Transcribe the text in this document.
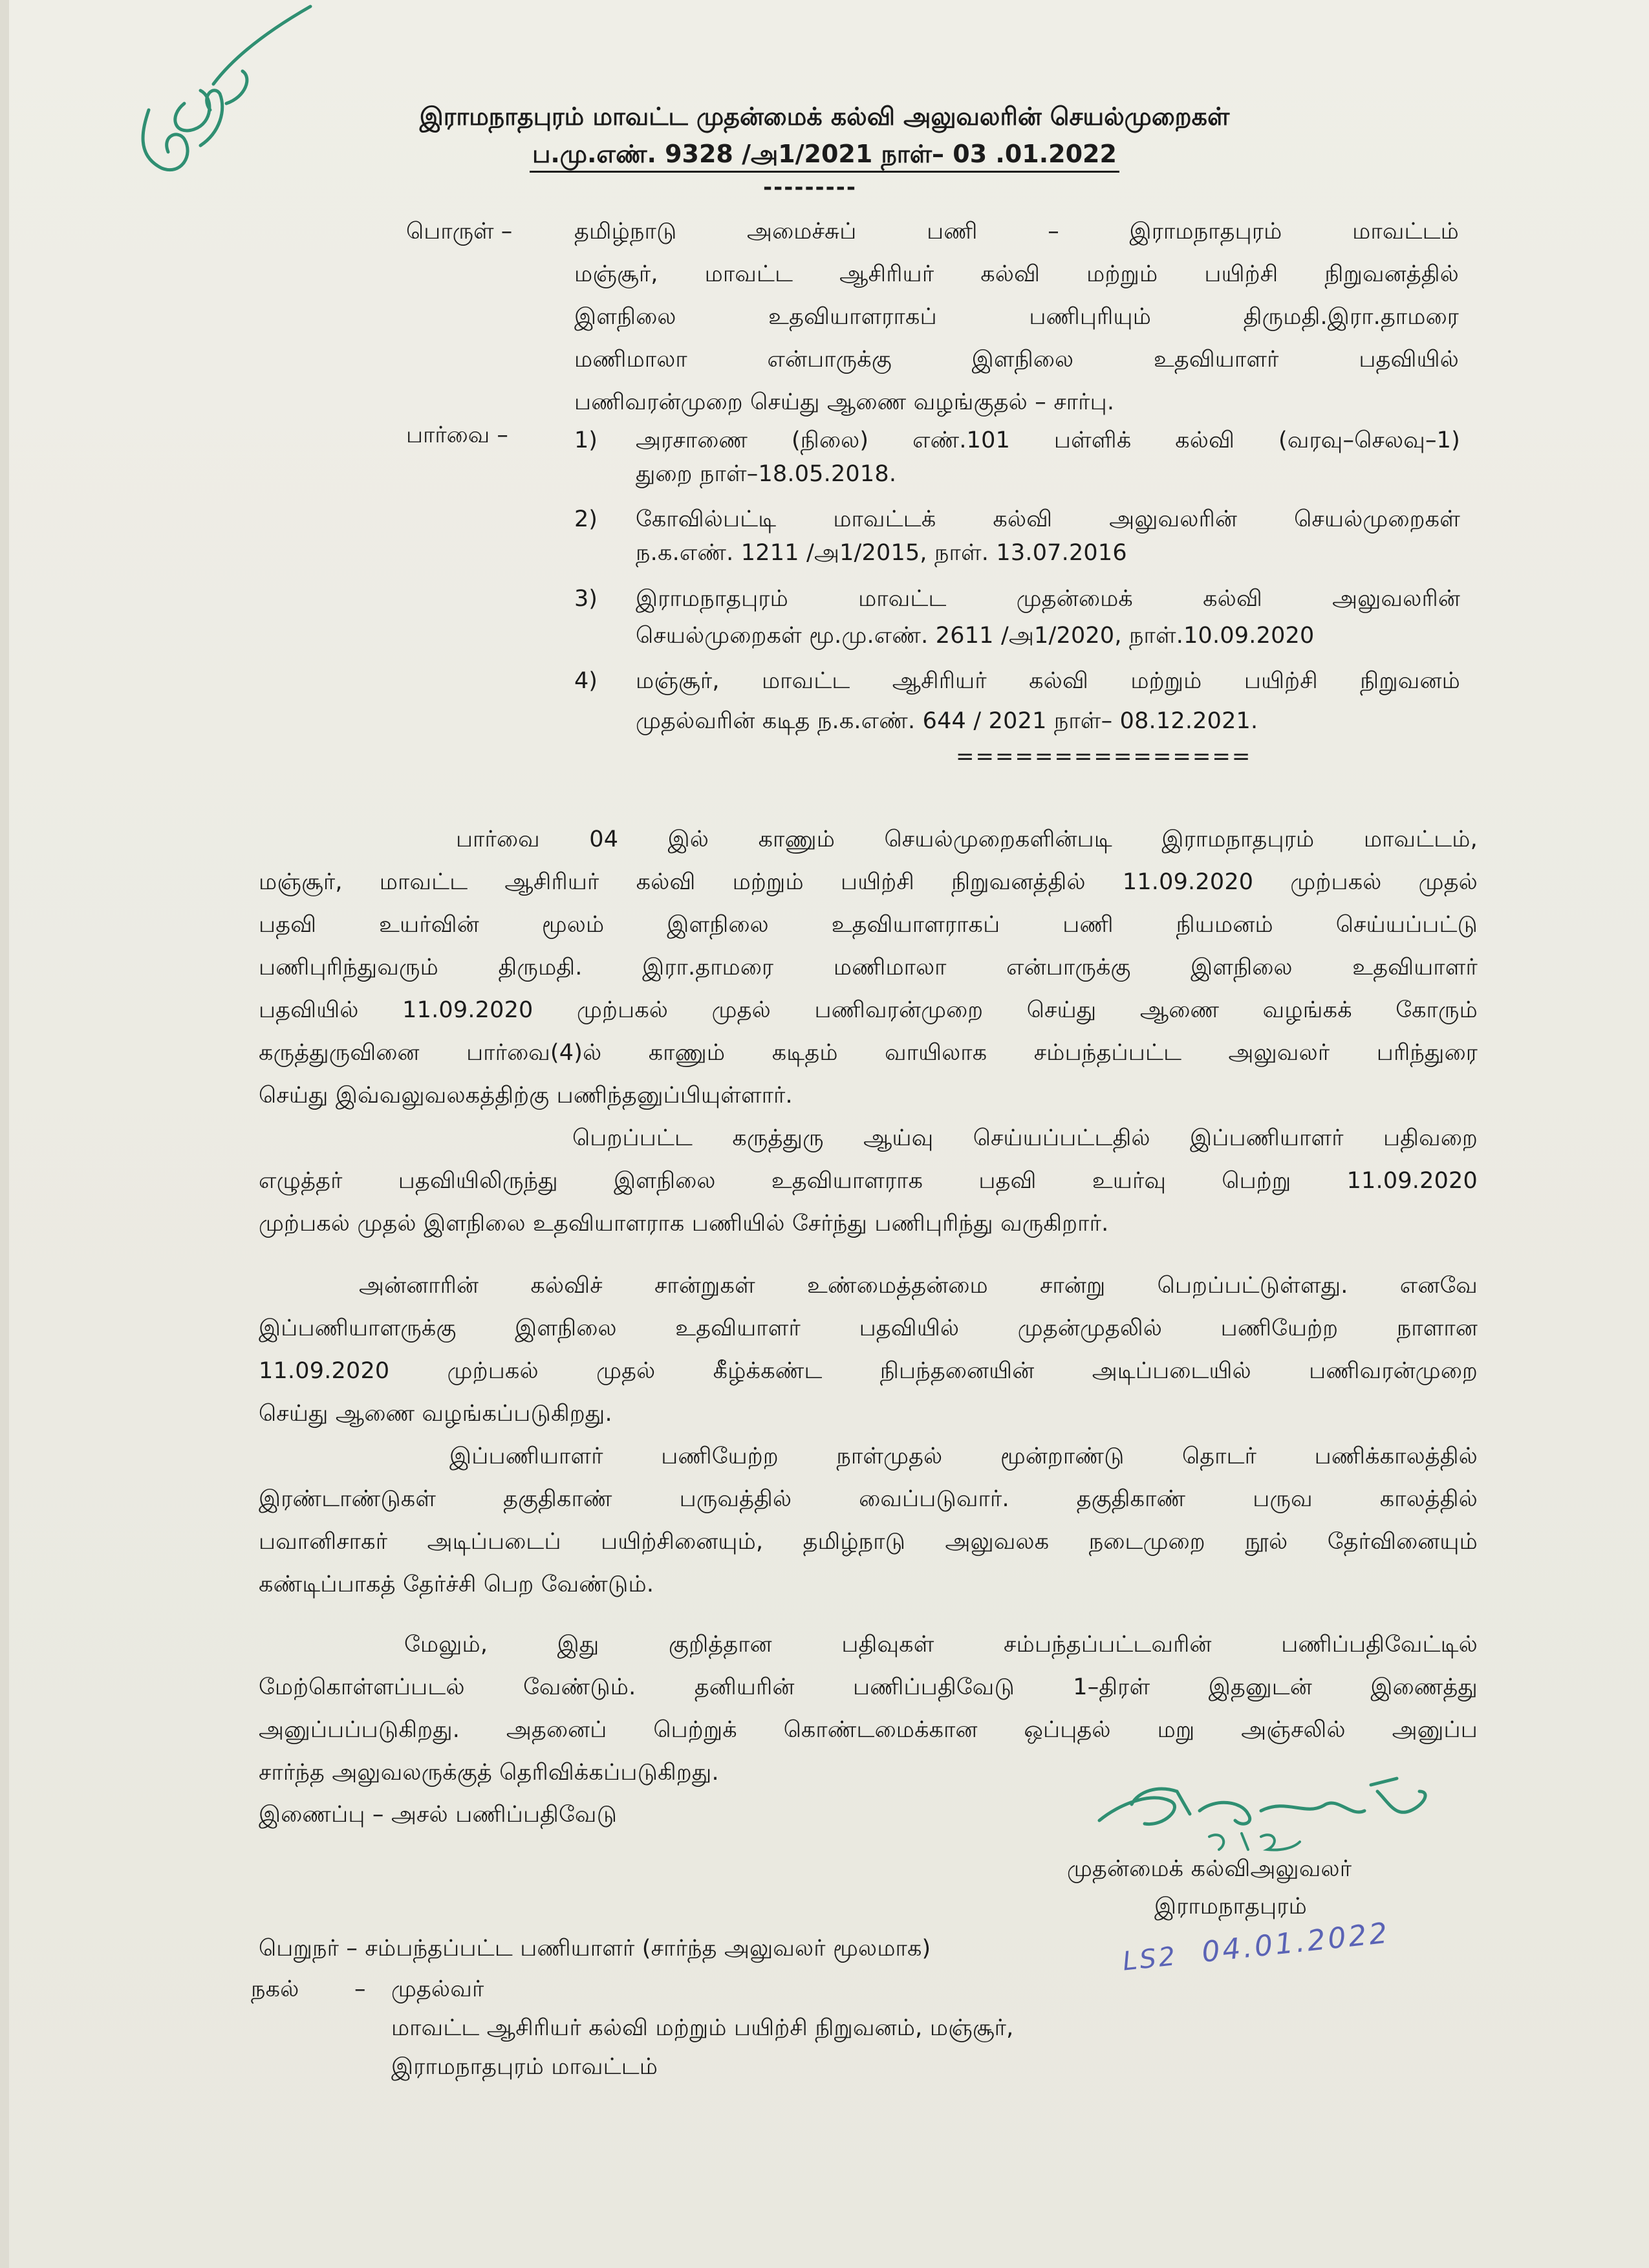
இராமநாதபுரம் மாவட்ட முதன்மைக் கல்வி அலுவலரின் செயல்முறைகள்
ப.மு.எண். 9328 /அ1/2021 நாள்– 03 .01.2022
---------
பொருள் –	தமிழ்நாடு அமைச்சுப் பணி – இராமநாதபுரம் மாவட்டம்
மஞ்சூர், மாவட்ட ஆசிரியர் கல்வி மற்றும் பயிற்சி நிறுவனத்தில்
இளநிலை உதவியாளராகப் பணிபுரியும் திருமதி.இரா.தாமரை
மணிமாலா என்பாருக்கு இளநிலை உதவியாளர் பதவியில்
பணிவரன்முறை செய்து ஆணை வழங்குதல் – சார்பு.
பார்வை –	1) அரசாணை (நிலை) எண்.101 பள்ளிக் கல்வி (வரவு–செலவு–1)
துறை நாள்–18.05.2018.
2) கோவில்பட்டி மாவட்டக் கல்வி அலுவலரின் செயல்முறைகள்
ந.க.எண். 1211 /அ1/2015, நாள். 13.07.2016
3) இராமநாதபுரம் மாவட்ட முதன்மைக் கல்வி அலுவலரின்
செயல்முறைகள் மூ.மு.எண். 2611 /அ1/2020, நாள்.10.09.2020
4) மஞ்சூர், மாவட்ட ஆசிரியர் கல்வி மற்றும் பயிற்சி நிறுவனம்
முதல்வரின் கடித ந.க.எண். 644 / 2021 நாள்– 08.12.2021.
===============
பார்வை 04 இல் காணும் செயல்முறைகளின்படி இராமநாதபுரம் மாவட்டம்,
மஞ்சூர், மாவட்ட ஆசிரியர் கல்வி மற்றும் பயிற்சி நிறுவனத்தில் 11.09.2020 முற்பகல் முதல்
பதவி உயர்வின் மூலம் இளநிலை உதவியாளராகப் பணி நியமனம் செய்யப்பட்டு
பணிபுரிந்துவரும் திருமதி. இரா.தாமரை மணிமாலா என்பாருக்கு இளநிலை உதவியாளர்
பதவியில் 11.09.2020 முற்பகல் முதல் பணிவரன்முறை செய்து ஆணை வழங்கக் கோரும்
கருத்துருவினை பார்வை(4)ல் காணும் கடிதம் வாயிலாக சம்பந்தப்பட்ட அலுவலர் பரிந்துரை
செய்து இவ்வலுவலகத்திற்கு பணிந்தனுப்பியுள்ளார்.
பெறப்பட்ட கருத்துரு ஆய்வு செய்யப்பட்டதில் இப்பணியாளர் பதிவறை
எழுத்தர் பதவியிலிருந்து இளநிலை உதவியாளராக பதவி உயர்வு பெற்று 11.09.2020
முற்பகல் முதல் இளநிலை உதவியாளராக பணியில் சேர்ந்து பணிபுரிந்து வருகிறார்.
அன்னாரின் கல்விச் சான்றுகள் உண்மைத்தன்மை சான்று பெறப்பட்டுள்ளது. எனவே
இப்பணியாளருக்கு இளநிலை உதவியாளர் பதவியில் முதன்முதலில் பணியேற்ற நாளான
11.09.2020 முற்பகல் முதல் கீழ்க்கண்ட நிபந்தனையின் அடிப்படையில் பணிவரன்முறை
செய்து ஆணை வழங்கப்படுகிறது.
இப்பணியாளர் பணியேற்ற நாள்முதல் மூன்றாண்டு தொடர் பணிக்காலத்தில்
இரண்டாண்டுகள் தகுதிகாண் பருவத்தில் வைப்படுவார். தகுதிகாண் பருவ காலத்தில்
பவானிசாகர் அடிப்படைப் பயிற்சினையும், தமிழ்நாடு அலுவலக நடைமுறை நூல் தேர்வினையும்
கண்டிப்பாகத் தேர்ச்சி பெற வேண்டும்.
மேலும், இது குறித்தான பதிவுகள் சம்பந்தப்பட்டவரின் பணிப்பதிவேட்டில்
மேற்கொள்ளப்படல் வேண்டும். தனியரின் பணிப்பதிவேடு 1–திரள் இதனுடன் இணைத்து
அனுப்பப்படுகிறது. அதனைப் பெற்றுக் கொண்டமைக்கான ஒப்புதல் மறு அஞ்சலில் அனுப்ப
சார்ந்த அலுவலருக்குத் தெரிவிக்கப்படுகிறது.
இணைப்பு – அசல் பணிப்பதிவேடு
முதன்மைக் கல்விஅலுவலர்
இராமநாதபுரம்
பெறுநர் – சம்பந்தப்பட்ட பணியாளர் (சார்ந்த அலுவலர் மூலமாக)	LS2 04.01.2022
நகல் – முதல்வர்
மாவட்ட ஆசிரியர் கல்வி மற்றும் பயிற்சி நிறுவனம், மஞ்சூர்,
இராமநாதபுரம் மாவட்டம்
